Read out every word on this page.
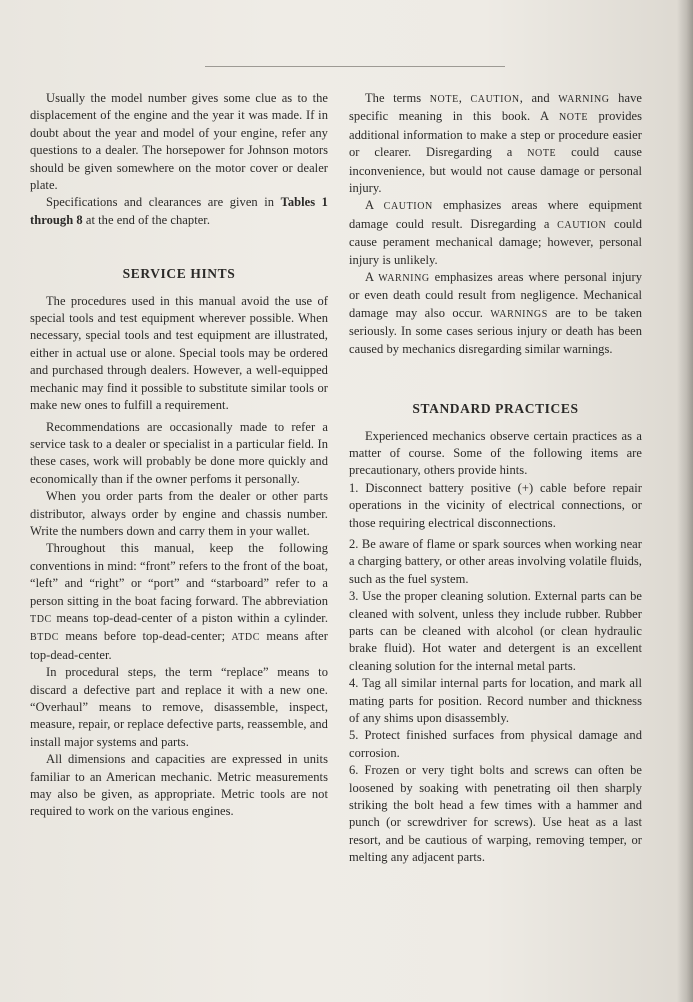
Usually the model number gives some clue as to the displacement of the engine and the year it was made. If in doubt about the year and model of your engine, refer any questions to a dealer. The horsepower for Johnson motors should be given somewhere on the motor cover or dealer plate.

Specifications and clearances are given in Tables 1 through 8 at the end of the chapter.

SERVICE HINTS

The procedures used in this manual avoid the use of special tools and test equipment wherever possible. When necessary, special tools and test equipment are illustrated, either in actual use or alone. Special tools may be ordered and purchased through dealers. However, a well-equipped mechanic may find it possible to substitute similar tools or make new ones to fulfill a requirement.

Recommendations are occasionally made to refer a service task to a dealer or specialist in a particular field. In these cases, work will probably be done more quickly and economically than if the owner perfoms it personally.

When you order parts from the dealer or other parts distributor, always order by engine and chassis number. Write the numbers down and carry them in your wallet.

Throughout this manual, keep the following conventions in mind: “front” refers to the front of the boat, “left” and “right” or “port” and “starboard” refer to a person sitting in the boat facing forward. The abbreviation TDC means top-dead-center of a piston within a cylinder. BTDC means before top-dead-center; ATDC means after top-dead-center.

In procedural steps, the term “replace” means to discard a defective part and replace it with a new one. “Overhaul” means to remove, disassemble, inspect, measure, repair, or replace defective parts, reassemble, and install major systems and parts.

All dimensions and capacities are expressed in units familiar to an American mechanic. Metric measurements may also be given, as appropriate. Metric tools are not required to work on the various engines.

The terms NOTE, CAUTION, and WARNING have specific meaning in this book. A NOTE provides additional information to make a step or procedure easier or clearer. Disregarding a NOTE could cause inconvenience, but would not cause damage or personal injury.

A CAUTION emphasizes areas where equipment damage could result. Disregarding a CAUTION could cause perament mechanical damage; however, personal injury is unlikely.

A WARNING emphasizes areas where personal injury or even death could result from negligence. Mechanical damage may also occur. WARNINGS are to be taken seriously. In some cases serious injury or death has been caused by mechanics disregarding similar warnings.

STANDARD PRACTICES

Experienced mechanics observe certain practices as a matter of course. Some of the following items are precautionary, others provide hints.

1. Disconnect battery positive (+) cable before repair operations in the vicinity of electrical connections, or those requiring electrical disconnections.

2. Be aware of flame or spark sources when working near a charging battery, or other areas involving volatile fluids, such as the fuel system.

3. Use the proper cleaning solution. External parts can be cleaned with solvent, unless they include rubber. Rubber parts can be cleaned with alcohol (or clean hydraulic brake fluid). Hot water and detergent is an excellent cleaning solution for the internal metal parts.

4. Tag all similar internal parts for location, and mark all mating parts for position. Record number and thickness of any shims upon disassembly.

5. Protect finished surfaces from physical damage and corrosion.

6. Frozen or very tight bolts and screws can often be loosened by soaking with penetrating oil then sharply striking the bolt head a few times with a hammer and punch (or screwdriver for screws). Use heat as a last resort, and be cautious of warping, removing temper, or melting any adjacent parts.
